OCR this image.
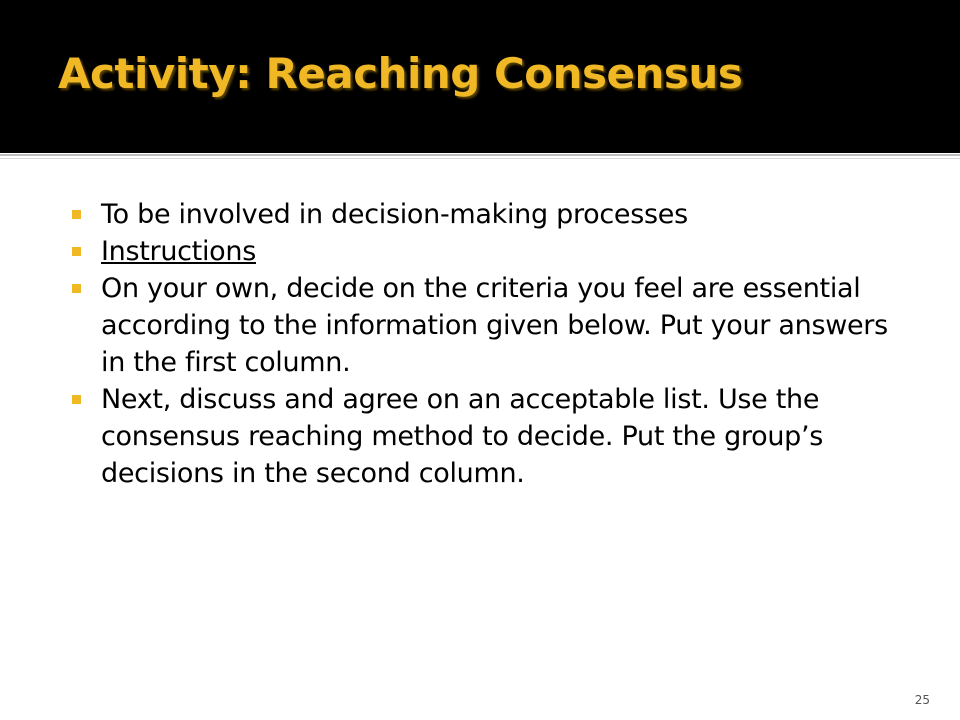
Activity: Reaching Consensus
To be involved in decision-making processes
Instructions
On your own, decide on the criteria you feel are essential according to the information given below. Put your answers in the first column.
Next, discuss and agree on an acceptable list. Use the consensus reaching method to decide. Put the group’s decisions in the second column.
25
